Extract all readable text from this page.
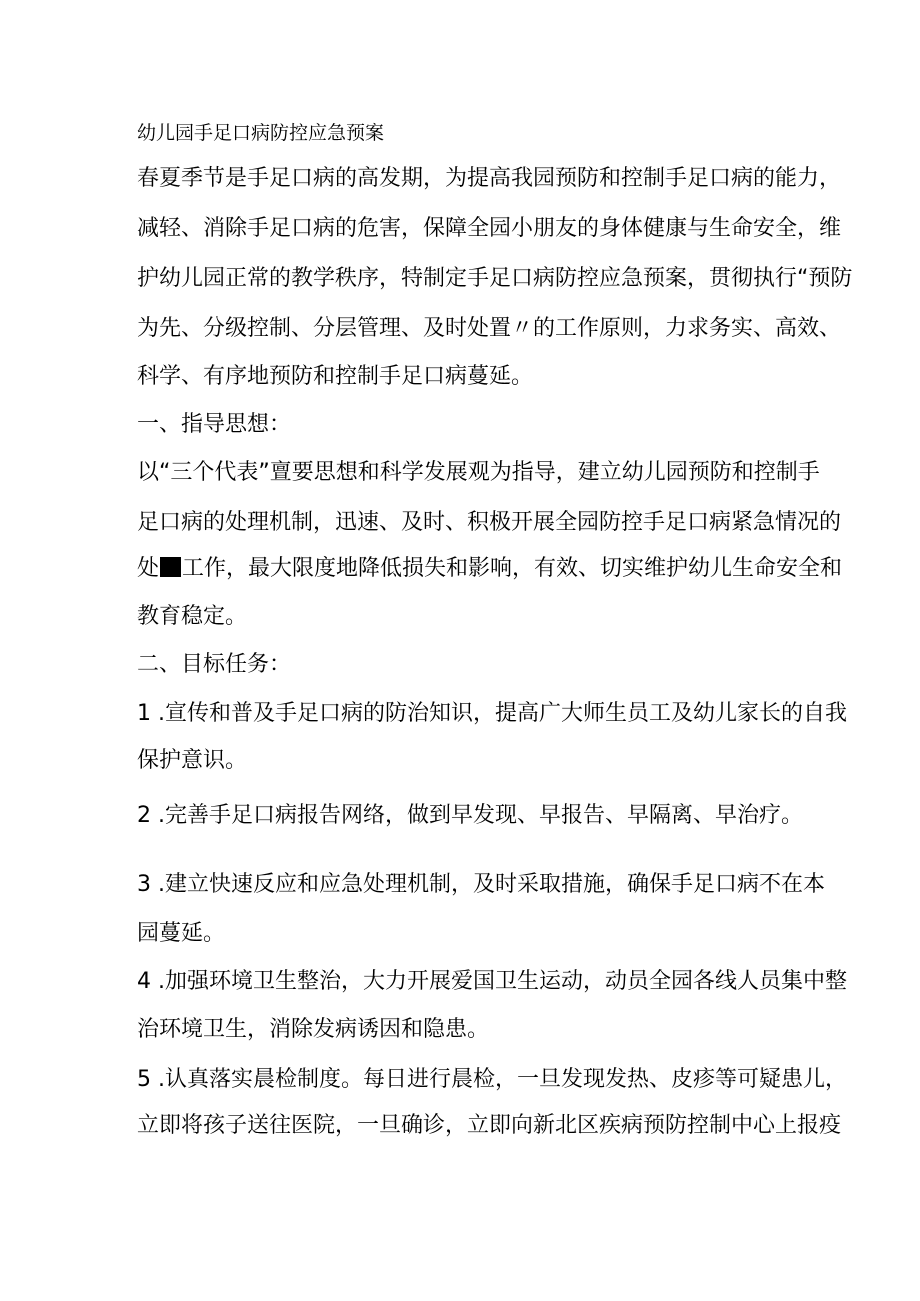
幼儿园手足口病防控应急预案

春夏季节是手足口病的高发期，为提高我园预防和控制手足口病的能力，

减轻、消除手足口病的危害，保障全园小朋友的身体健康与生命安全，维

护幼儿园正常的教学秩序，特制定手足口病防控应急预案，贯彻执行“预防

为先、分级控制、分层管理、及时处置〃的工作原则，力求务实、高效、

科学、有序地预防和控制手足口病蔓延。

一、指导思想：

以“三个代表”亶要思想和科学发展观为指导，建立幼儿园预防和控制手

足口病的处理机制，迅速、及时、积极开展全园防控手足口病紧急情况的

处 工作，最大限度地降低损失和影响，有效、切实维护幼儿生命安全和

教育稳定。

二、目标任务：

1 .宣传和普及手足口病的防治知识，提高广大师生员工及幼儿家长的自我

保护意识。

2 .完善手足口病报告网络，做到早发现、早报告、早隔离、早治疗。

3 .建立快速反应和应急处理机制，及时采取措施，确保手足口病不在本

园蔓延。

4 .加强环境卫生整治，大力开展爱国卫生运动，动员全园各线人员集中整

治环境卫生，消除发病诱因和隐患。

5 .认真落实晨检制度。每日进行晨检，一旦发现发热、皮疹等可疑患儿，

立即将孩子送往医院，一旦确诊，立即向新北区疾病预防控制中心上报疫
